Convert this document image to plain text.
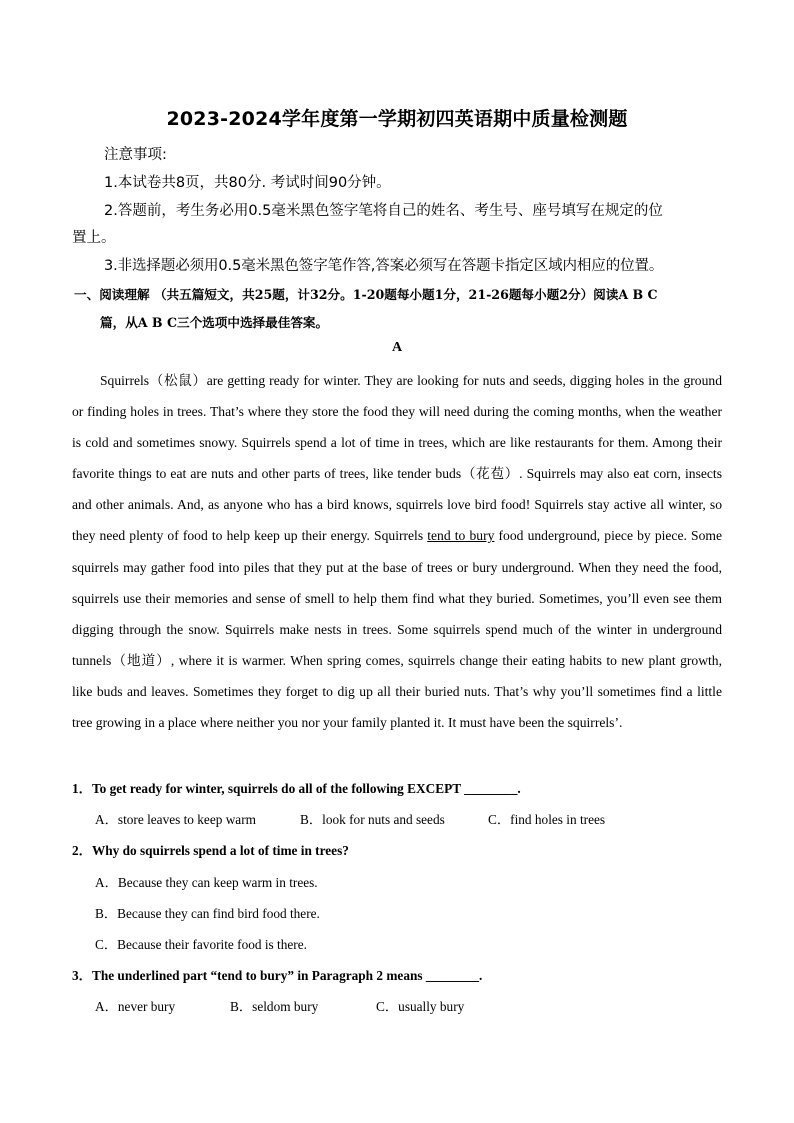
2023-2024学年度第一学期初四英语期中质量检测题
注意事项:
1.本试卷共8页，共80分. 考试时间90分钟。
2.答题前，考生务必用0.5毫米黑色签字笔将自己的姓名、考生号、座号填写在规定的位
置上。
3.非选择题必须用0.5毫米黑色签字笔作答,答案必须写在答题卡指定区域内相应的位置。
一、阅读理解 （共五篇短文，共25题，计32分。1-20题每小题1分，21-26题每小题2分）阅读A B C
篇，从A B C三个选项中选择最佳答案。
A
Squirrels（松鼠）are getting ready for winter. They are looking for nuts and seeds, digging holes in the ground or finding holes in trees. That’s where they store the food they will need during the coming months, when the weather is cold and sometimes snowy. Squirrels spend a lot of time in trees, which are like restaurants for them. Among their favorite things to eat are nuts and other parts of trees, like tender buds（花苞）. Squirrels may also eat corn, insects and other animals. And, as anyone who has a bird knows, squirrels love bird food! Squirrels stay active all winter, so they need plenty of food to help keep up their energy. Squirrels tend to bury food underground, piece by piece. Some squirrels may gather food into piles that they put at the base of trees or bury underground. When they need the food, squirrels use their memories and sense of smell to help them find what they buried. Sometimes, you’ll even see them digging through the snow. Squirrels make nests in trees. Some squirrels spend much of the winter in underground tunnels（地道）, where it is warmer. When spring comes, squirrels change their eating habits to new plant growth, like buds and leaves. Sometimes they forget to dig up all their buried nuts. That’s why you’ll sometimes find a little tree growing in a place where neither you nor your family planted it. It must have been the squirrels’.
1．To get ready for winter, squirrels do all of the following EXCEPT ________.
A．store leaves to keep warm	B．look for nuts and seeds	C．find holes in trees
2．Why do squirrels spend a lot of time in trees?
A．Because they can keep warm in trees.
B．Because they can find bird food there.
C．Because their favorite food is there.
3．The underlined part “tend to bury” in Paragraph 2 means ________.
A．never bury	B．seldom bury	C．usually bury
